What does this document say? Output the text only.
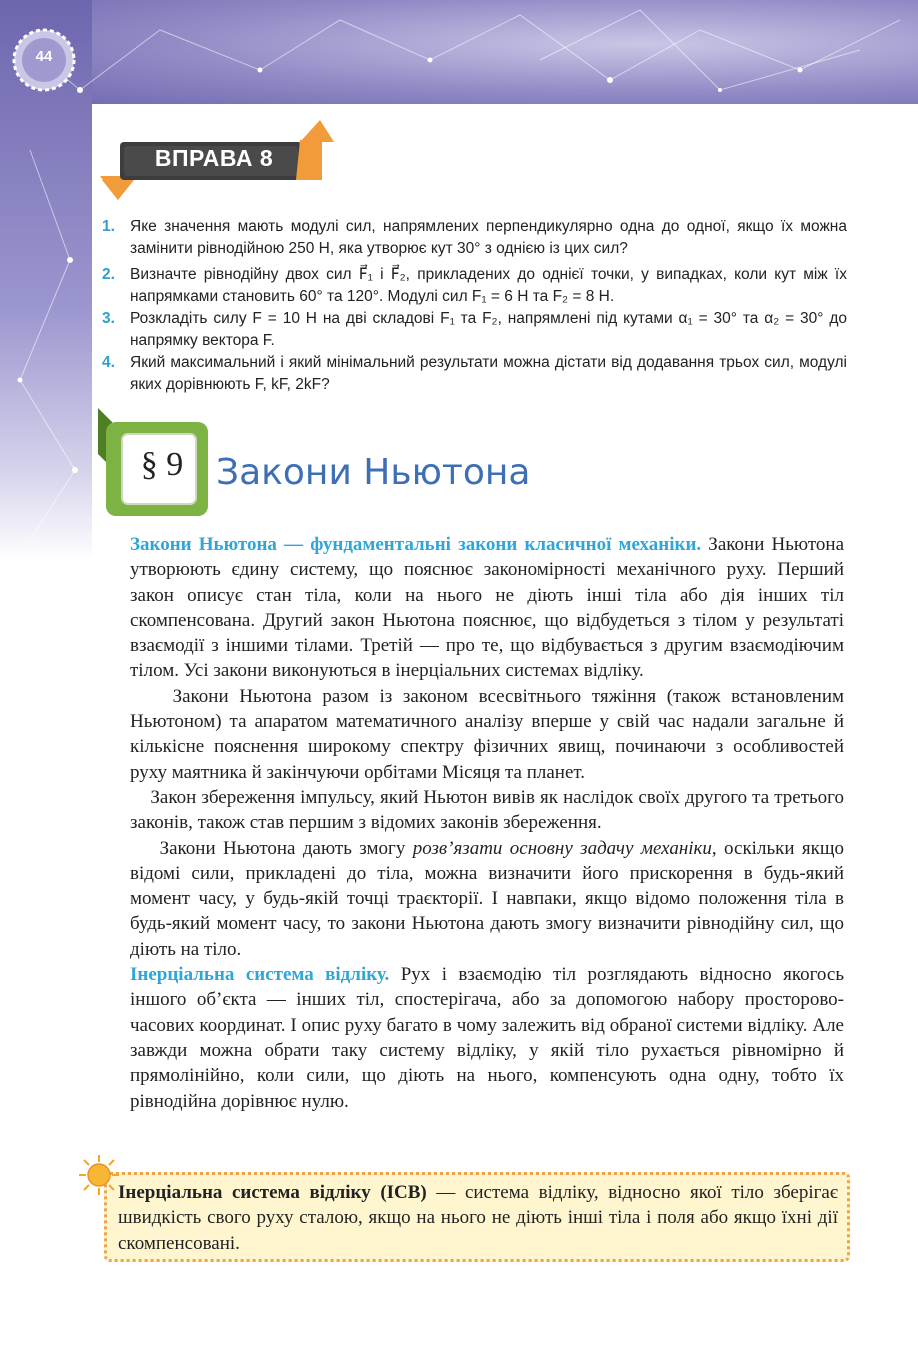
44
ВПРАВА 8
1. Яке значення мають модулі сил, напрямлених перпендикулярно одна до одної, якщо їх можна замінити рівнодійною 250 Н, яка утворює кут 30° з однією із цих сил?
2. Визначте рівнодійну двох сил F⃗₁ і F⃗₂, прикладених до однієї точки, у випадках, коли кут між їх напрямками становить 60° та 120°. Модулі сил F₁ = 6 Н та F₂ = 8 Н.
3. Розкладіть силу F = 10 Н на дві складові F₁ та F₂, напрямлені під кутами α₁ = 30° та α₂ = 30° до напрямку вектора F.
4. Який максимальний і який мінімальний результати можна дістати від додавання трьох сил, модулі яких дорівнюють F, kF, 2kF?
§ 9 Закони Ньютона

Закони Ньютона — фундаментальні закони класичної механіки. Закони Ньютона утворюють єдину систему, що пояснює закономірності механічного руху. Перший закон описує стан тіла, коли на нього не діють інші тіла або дія інших тіл скомпенсована. Другий закон Ньютона пояснює, що відбудеться з тілом у результаті взаємодії з іншими тілами. Третій — про те, що відбувається з другим взаємодіючим тілом. Усі закони виконуються в інерціальних системах відліку.

Закони Ньютона разом із законом всесвітнього тяжіння (також встановленим Ньютоном) та апаратом математичного аналізу вперше у свій час надали загальне й кількісне пояснення широкому спектру фізичних явищ, починаючи з особливостей руху маятника й закінчуючи орбітами Місяця та планет.

Закон збереження імпульсу, який Ньютон вивів як наслідок своїх другого та третього законів, також став першим з відомих законів збереження.

Закони Ньютона дають змогу розв’язати основну задачу механіки, оскільки якщо відомі сили, прикладені до тіла, можна визначити його прискорення в будь-який момент часу, у будь-якій точці траєкторії. І навпаки, якщо відомо положення тіла в будь-який момент часу, то закони Ньютона дають змогу визначити рівнодійну сил, що діють на тіло.

Інерціальна система відліку. Рух і взаємодію тіл розглядають відносно якогось іншого об’єкта — інших тіл, спостерігача, або за допомогою набору просторово-часових координат. І опис руху багато в чому залежить від обраної системи відліку. Але завжди можна обрати таку систему відліку, у якій тіло рухається рівномірно й прямолінійно, коли сили, що діють на нього, компенсують одна одну, тобто їх рівнодійна дорівнює нулю.

Інерціальна система відліку (ІСВ) — система відліку, відносно якої тіло зберігає швидкість свого руху сталою, якщо на нього не діють інші тіла і поля або якщо їхні дії скомпенсовані.
